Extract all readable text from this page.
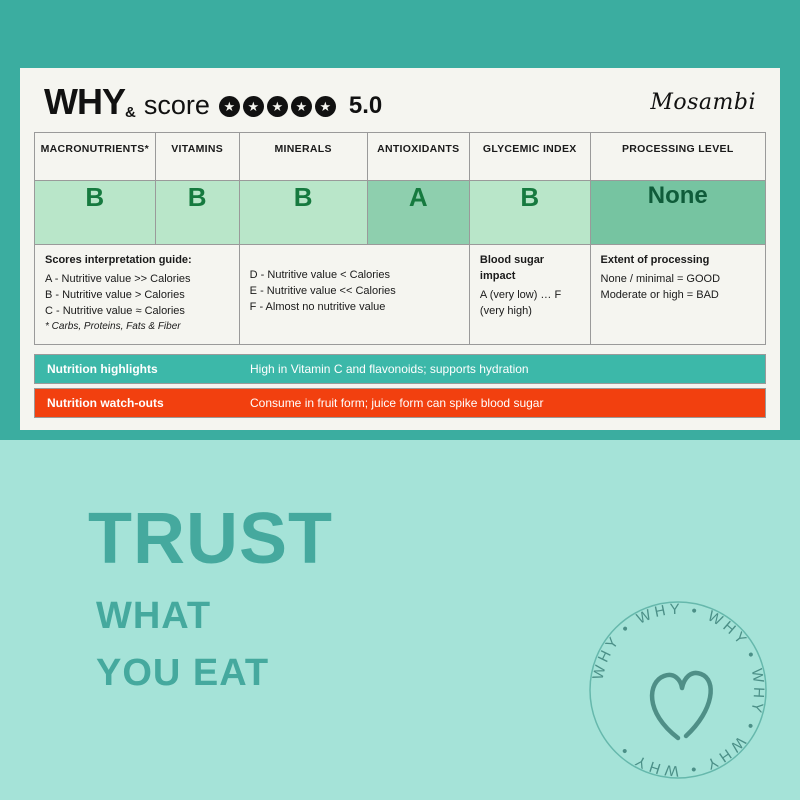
WHY& score	★ ★ ★ ★ ★ 5.0	Mosambi
MACRONUTRIENTS*	VITAMINS	MINERALS	ANTIOXIDANTS	GLYCEMIC INDEX	PROCESSING LEVEL
B	B	B	A	B	None

Scores interpretation guide:
A - Nutritive value >> Calories
B - Nutritive value > Calories
C - Nutritive value ≈ Calories
* Carbs, Proteins, Fats & Fiber

D - Nutritive value < Calories
E - Nutritive value << Calories
F - Almost no nutritive value

Blood sugar impact
A (very low) … F (very high)

Extent of processing
None / minimal = GOOD
Moderate or high = BAD
Nutrition highlights	High in Vitamin C and flavonoids; supports hydration
Nutrition watch-outs	Consume in fruit form; juice form can spike blood sugar
TRUST
WHAT
YOU EAT	WHY • WHY • WHY • WHY • WHY • WHY •
